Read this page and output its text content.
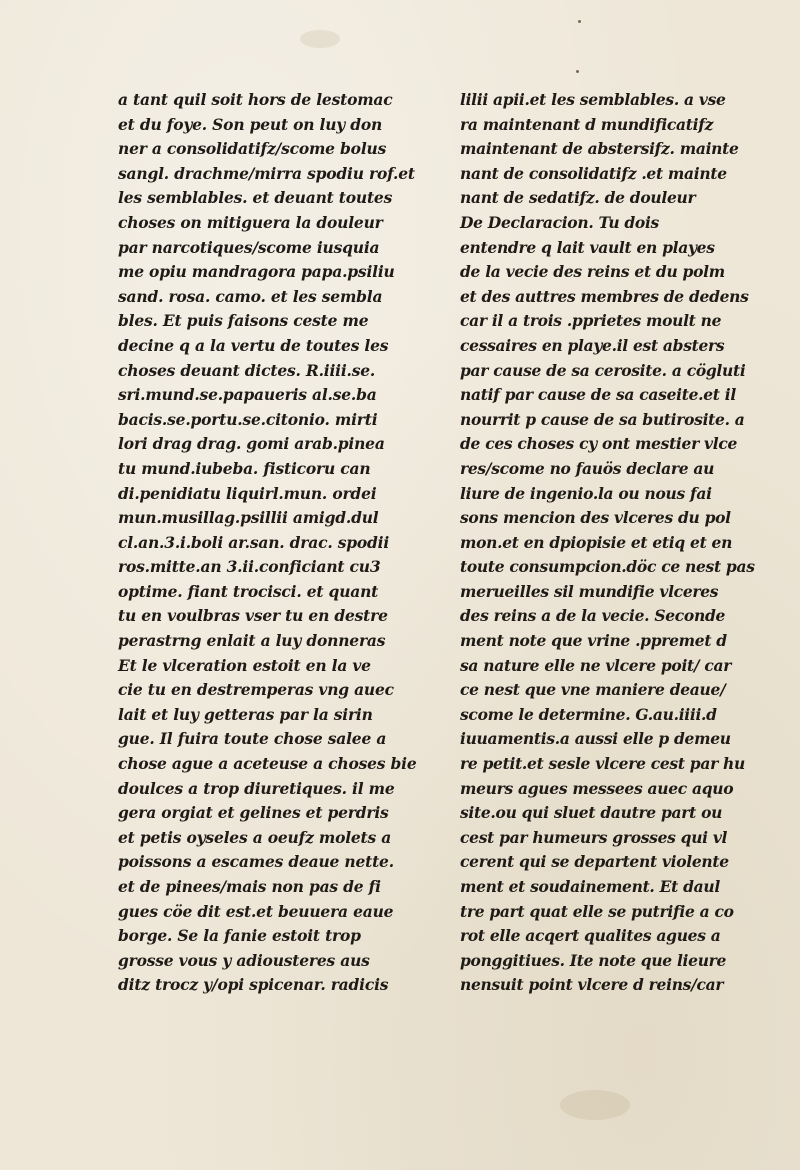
a tant quil soit hors de lestomac
et du foye. Son peut on luy don
ner a consolidatifz/scome bolus
sangl. drachme/mirra spodiu rof.et
les semblables. et deuant toutes
choses on mitiguera la douleur
par narcotiques/scome iusquia
me opiu mandragora papa.psiliu
sand. rosa. camo. et les sembla
bles. Et puis faisons ceste me
decine q a la vertu de toutes les
choses deuant dictes. R.iiii.se.
sri.mund.se.papaueris al.se.ba
bacis.se.portu.se.citonio. mirti
lori drag drag. gomi arab.pinea
tu mund.iubeba. fisticoru can
di.penidiatu liquirl.mun. ordei
mun.musillag.psillii amigd.dul
cl.an.3.i.boli ar.san. drac. spodii
ros.mitte.an 3.ii.conficiant cu3
optime. fiant trocisci. et quant
tu en voulbras vser tu en destre
perastrng enlait a luy donneras
Et le vlceration estoit en la ve
cie tu en destremperas vng auec
lait et luy getteras par la sirin
gue. Il fuira toute chose salee a
chose ague a aceteuse a choses bie
doulces a trop diuretiques. il me
gera orgiat et gelines et perdris
et petis oyseles a oeufz molets a
poissons a escames deaue nette.
et de pinees/mais non pas de fi
gues cöe dit est.et beuuera eaue
borge. Se la fanie estoit trop
grosse vous y adiousteres aus
ditz trocz y/opi spicenar. radicis
lilii apii.et les semblables. a vse
ra maintenant d mundificatifz
maintenant de abstersifz. mainte
nant de consolidatifz .et mainte
nant de sedatifz. de douleur
De Declaracion. Tu dois
entendre q lait vault en playes
de la vecie des reins et du polm
et des auttres membres de dedens
car il a trois .pprietes moult ne
cessaires en playe.il est absters
par cause de sa cerosite. a cögluti
natif par cause de sa caseite.et il
nourrit p cause de sa butirosite. a
de ces choses cy ont mestier vlce
res/scome no fauös declare au
liure de ingenio.la ou nous fai
sons mencion des vlceres du pol
mon.et en dpiopisie et etiq et en
toute consumpcion.döc ce nest pas
merueilles sil mundifie vlceres
des reins a de la vecie. Seconde
ment note que vrine .ppremet d
sa nature elle ne vlcere poit/ car
ce nest que vne maniere deaue/
scome le determine. G.au.iiii.d
iuuamentis.a aussi elle p demeu
re petit.et sesle vlcere cest par hu
meurs agues messees auec aquo
site.ou qui sluet dautre part ou
cest par humeurs grosses qui vl
cerent qui se departent violente
ment et soudainement. Et daul
tre part quat elle se putrifie a co
rot elle acqert qualites agues a
ponggitiues. Ite note que lieure
nensuit point vlcere d reins/car
